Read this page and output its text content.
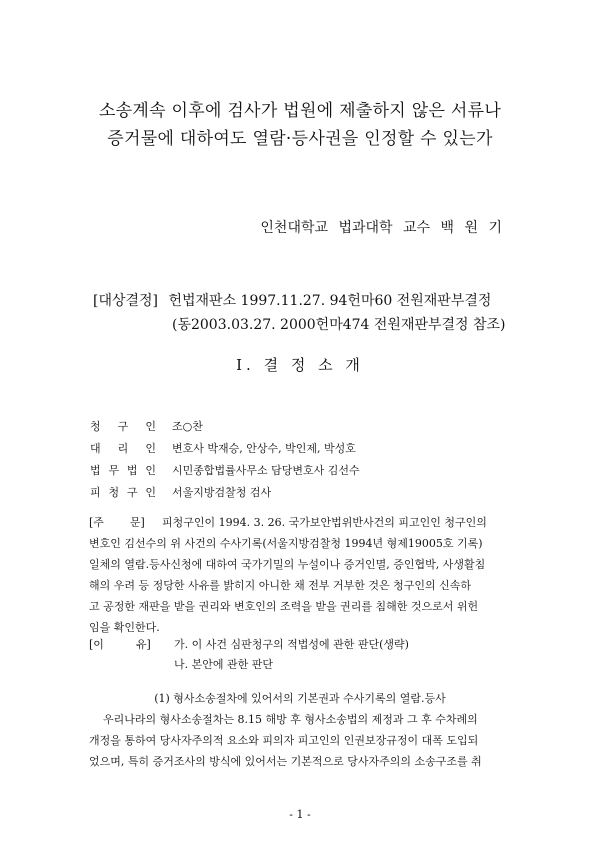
소송계속 이후에 검사가 법원에 제출하지 않은 서류나
증거물에 대하여도 열람·등사권을 인정할 수 있는가
인천대학교 법과대학 교수 백 원 기
[대상결정] 헌법재판소 1997.11.27. 94헌마60 전원재판부결정
(동2003.03.27. 2000헌마474 전원재판부결정 참조)
Ⅰ. 결 정 소 개
청 구 인 조○찬
대 리 인 변호사 박재승, 안상수, 박인제, 박성호
법 무 법 인 시민종합법률사무소 담당변호사 김선수
피 청 구 인 서울지방검찰청 검사
[주 문] 피청구인이 1994. 3. 26. 국가보안법위반사건의 피고인인 청구인의
변호인 김선수의 위 사건의 수사기록(서울지방검찰청 1994년 형제19005호 기록)
일체의 열람.등사신청에 대하여 국가기밀의 누설이나 증거인멸, 증인협박, 사생활침
해의 우려 등 정당한 사유를 밝히지 아니한 채 전부 거부한 것은 청구인의 신속하
고 공정한 재판을 받을 권리와 변호인의 조력을 받을 권리를 침해한 것으로서 위헌
임을 확인한다.
[이	유] 가. 이 사건 심판청구의 적법성에 관한 판단(생략)
나. 본안에 관한 판단
(1) 형사소송절차에 있어서의 기본권과 수사기록의 열람.등사
우리나라의 형사소송절차는 8.15 해방 후 형사소송법의 제정과 그 후 수차례의
개정을 통하여 당사자주의적 요소와 피의자 피고인의 인권보장규정이 대폭 도입되
었으며, 특히 증거조사의 방식에 있어서는 기본적으로 당사자주의의 소송구조를 취
- 1 -
